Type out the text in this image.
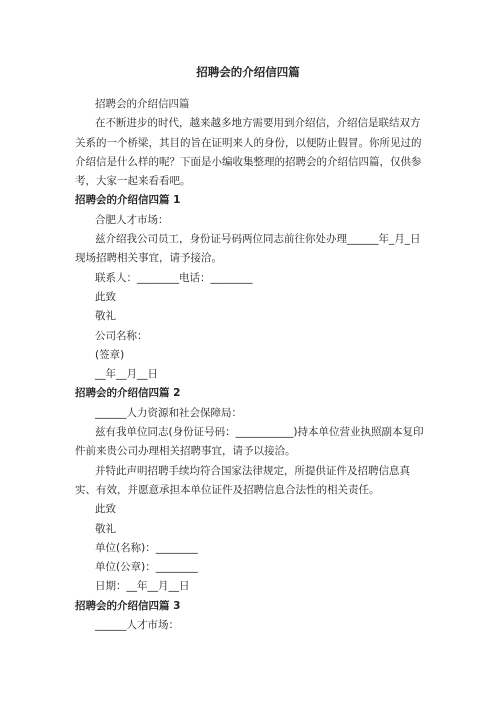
招聘会的介绍信四篇
招聘会的介绍信四篇
在不断进步的时代，越来越多地方需要用到介绍信，介绍信是联结双方关系的一个桥梁，其目的旨在证明来人的身份，以便防止假冒。你所见过的介绍信是什么样的呢？下面是小编收集整理的招聘会的介绍信四篇，仅供参考，大家一起来看看吧。
招聘会的介绍信四篇 1
合肥人才市场：
兹介绍我公司员工，身份证号码两位同志前往你处办理______年_月_日现场招聘相关事宜，请予接洽。
联系人：________电话：________
此致
敬礼
公司名称：
(签章)
__年__月__日
招聘会的介绍信四篇 2
______人力资源和社会保障局：
兹有我单位同志(身份证号码：___________)持本单位营业执照副本复印件前来贵公司办理相关招聘事宜，请予以接洽。
并特此声明招聘手续均符合国家法律规定，所提供证件及招聘信息真实、有效，并愿意承担本单位证件及招聘信息合法性的相关责任。
此致
敬礼
单位(名称)：________
单位(公章)：________
日期：__年__月__日
招聘会的介绍信四篇 3
______人才市场：
